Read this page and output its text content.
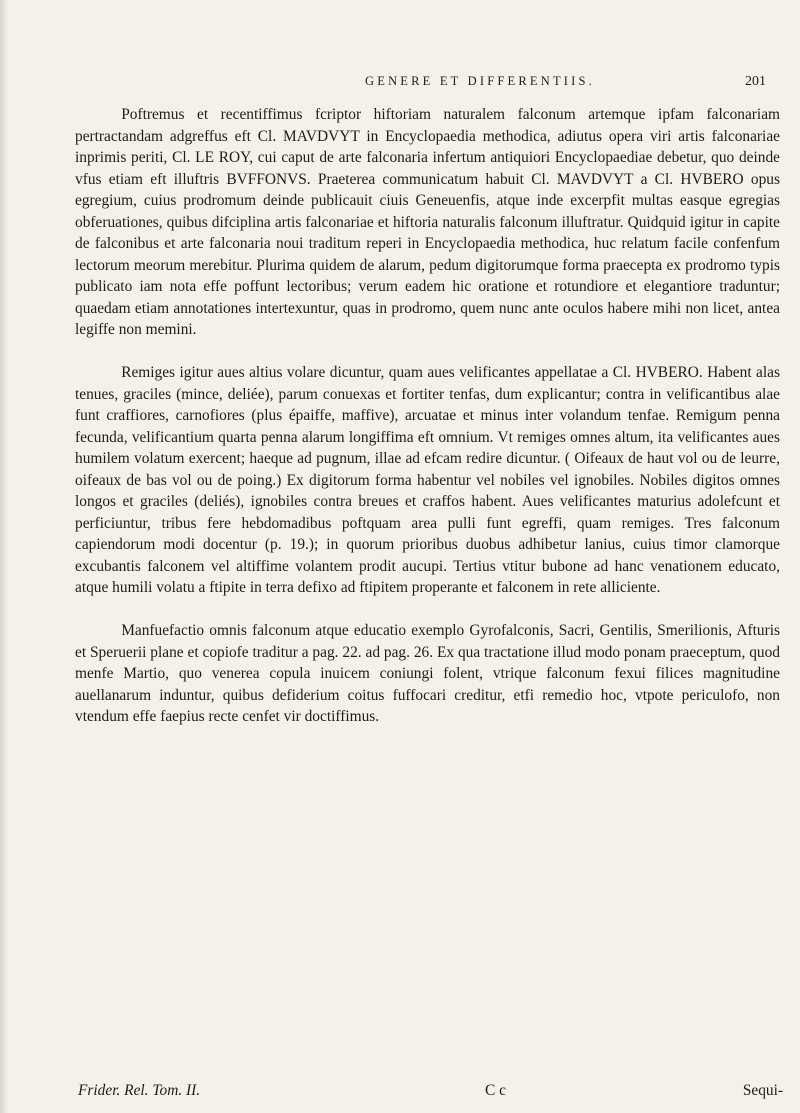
GENERE ET DIFFERENTIIS.	201

Poftremus et recentiffimus fcriptor hiftoriam naturalem falconum artemque ipfam falconariam pertractandam adgreffus eft Cl. MAVDVYT in Encyclopaedia methodica, adiutus opera viri artis falconariae inprimis periti, Cl. LE ROY, cui caput de arte falconaria infertum antiquiori Encyclopaediae debetur, quo deinde vfus etiam eft illuftris BVFFONVS. Praeterea communicatum habuit Cl. MAVDVYT a Cl. HVBERO opus egregium, cuius prodromum deinde publicauit ciuis Geneuenfis, atque inde excerpfit multas easque egregias obferuationes, quibus difciplina artis falconariae et hiftoria naturalis falconum illuftratur. Quidquid igitur in capite de falconibus et arte falconaria noui traditum reperi in Encyclopaedia methodica, huc relatum facile confenfum lectorum meorum merebitur. Plurima quidem de alarum, pedum digitorumque forma praecepta ex prodromo typis publicato iam nota effe poffunt lectoribus; verum eadem hic oratione et rotundiore et elegantiore traduntur; quaedam etiam annotationes intertexuntur, quas in prodromo, quem nunc ante oculos habere mihi non licet, antea legiffe non memini.

Remiges igitur aues altius volare dicuntur, quam aues velificantes appellatae a Cl. HVBERO. Habent alas tenues, graciles (mince, deliée), parum conuexas et fortiter tenfas, dum explicantur; contra in velificantibus alae funt craffiores, carnofiores (plus épaiffe, maffive), arcuatae et minus inter volandum tenfae. Remigum penna fecunda, velificantium quarta penna alarum longiffima eft omnium. Vt remiges omnes altum, ita velificantes aues humilem volatum exercent; haeque ad pugnum, illae ad efcam redire dicuntur. ( Oifeaux de haut vol ou de leurre, oifeaux de bas vol ou de poing.) Ex digitorum forma habentur vel nobiles vel ignobiles. Nobiles digitos omnes longos et graciles (deliés), ignobiles contra breues et craffos habent. Aues velificantes maturius adolefcunt et perficiuntur, tribus fere hebdomadibus poftquam area pulli funt egreffi, quam remiges. Tres falconum capiendorum modi docentur (p. 19.); in quorum prioribus duobus adhibetur lanius, cuius timor clamorque excubantis falconem vel altiffime volantem prodit aucupi. Tertius vtitur bubone ad hanc venationem educato, atque humili volatu a ftipite in terra defixo ad ftipitem properante et falconem in rete alliciente.

Manfuefactio omnis falconum atque educatio exemplo Gyrofalconis, Sacri, Gentilis, Smerilionis, Afturis et Speruerii plane et copiofe traditur a pag. 22. ad pag. 26. Ex qua tractatione illud modo ponam praeceptum, quod menfe Martio, quo venerea copula inuicem coniungi folent, vtrique falconum fexui filices magnitudine auellanarum induntur, quibus defiderium coitus fuffocari creditur, etfi remedio hoc, vtpote periculofo, non vtendum effe faepius recte cenfet vir doctiffimus.

Frider. Rel. Tom. II.	C c	Sequi-
